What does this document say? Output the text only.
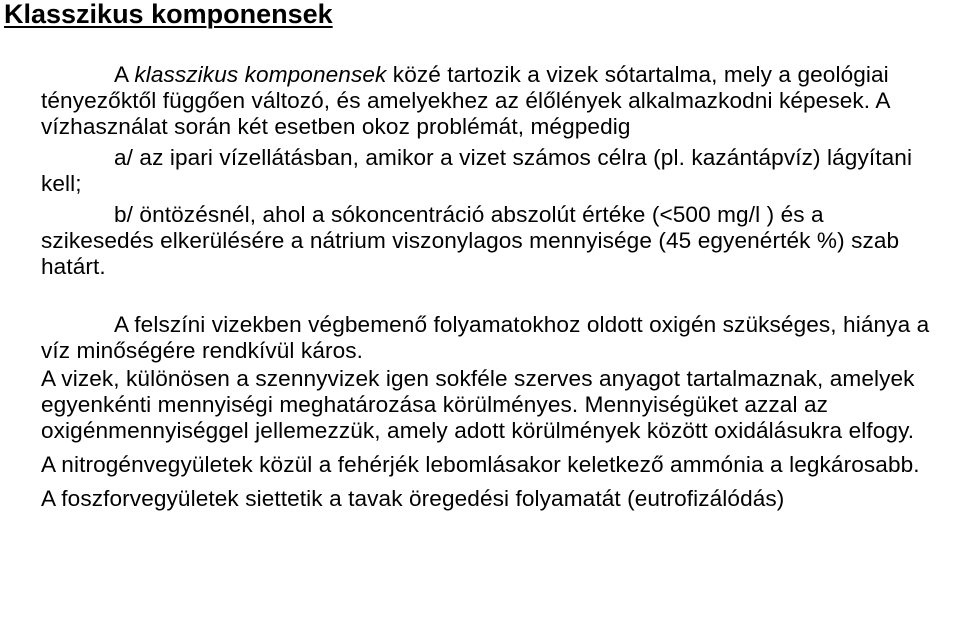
Klasszikus komponensek

A klasszikus komponensek közé tartozik a vizek sótartalma, mely a geológiai tényezőktől függően változó, és amelyekhez az élőlények alkalmazkodni képesek. A vízhasználat során két esetben okoz problémát, mégpedig

a/ az ipari vízellátásban, amikor a vizet számos célra (pl. kazántápvíz) lágyítani kell;

b/ öntözésnél, ahol a sókoncentráció abszolút értéke (<500 mg/l ) és a szikesedés elkerülésére a nátrium viszonylagos mennyisége (45 egyenérték %) szab határt.

A felszíni vizekben végbemenő folyamatokhoz oldott oxigén szükséges, hiánya a víz minőségére rendkívül káros.

A vizek, különösen a szennyvizek igen sokféle szerves anyagot tartalmaznak, amelyek egyenkénti mennyiségi meghatározása körülményes. Mennyiségüket azzal az oxigénmennyiséggel jellemezzük, amely adott körülmények között oxidálásukra elfogy.

A nitrogénvegyületek közül a fehérjék lebomlásakor keletkező ammónia a legkárosabb.

A foszforvegyületek siettetik a tavak öregedési folyamatát (eutrofizálódás)
